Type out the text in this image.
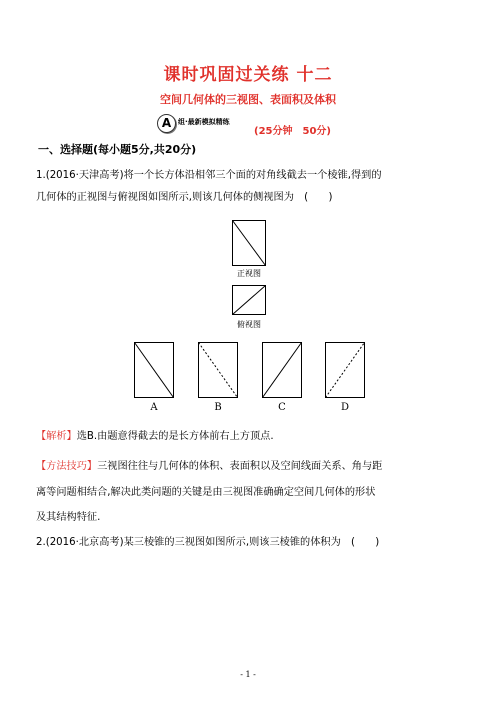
课时巩固过关练 十二
空间几何体的三视图、表面积及体积
A 组·最新模拟精练
(25分钟　50分)
一、选择题(每小题5分,共20分)
1.(2016·天津高考)将一个长方体沿相邻三个面的对角线截去一个棱锥,得到的
几何体的正视图与俯视图如图所示,则该几何体的侧视图为　(　　)
正视图
俯视图
A	B	C	D
【解析】选B.由题意得截去的是长方体前右上方顶点.
【方法技巧】三视图往往与几何体的体积、表面积以及空间线面关系、角与距
离等问题相结合,解决此类问题的关键是由三视图准确确定空间几何体的形状
及其结构特征.
2.(2016·北京高考)某三棱锥的三视图如图所示,则该三棱锥的体积为　(　　)
- 1 -
